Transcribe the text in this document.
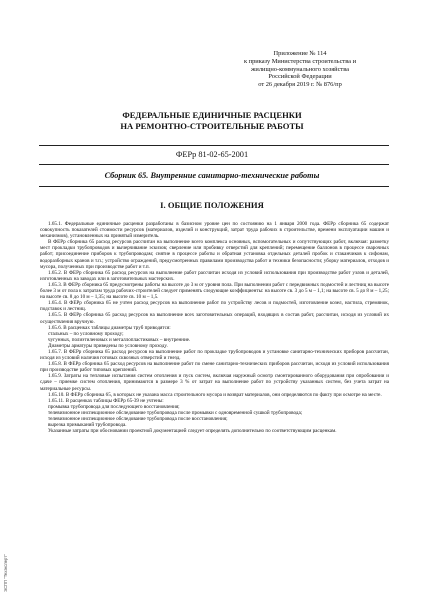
Приложение № 114
к приказу Министерства строительства и
жилищно-коммунального хозяйства
Российской Федерации
от 26 декабря 2019 г. № 876/пр
ФЕДЕРАЛЬНЫЕ ЕДИНИЧНЫЕ РАСЦЕНКИ
НА РЕМОНТНО-СТРОИТЕЛЬНЫЕ РАБОТЫ
ФЕРр 81-02-65-2001
Сборник 65. Внутренние санитарно-технические работы
I. ОБЩИЕ ПОЛОЖЕНИЯ

1.65.1. Федеральные единичные расценки разработаны в базисном уровне цен по состоянию на 1 января 2000 года. ФЕРр сборника 65 содержат совокупность показателей стоимости ресурсов (материалов, изделий и конструкций, затрат труда рабочих в строительстве, времени эксплуатации машин и механизмов), установленных на принятый измеритель.

В ФЕРр сборника 65 расход ресурсов рассчитан на выполнение всего комплекса основных, вспомогательных и сопутствующих работ, включая: разметку мест прокладки трубопроводов и вычерчивание эскизов; сверление или пробивку отверстий для креплений; перемещение баллонов в процессе сварочных работ; присоединение приборов к трубопроводам; снятие в процессе работы и обратная установка отдельных деталей пробок и стаканчиков к сифонам, водоразборных кранов и т.п.; устройство ограждений, предусмотренных правилами производства работ и техники безопасности; уборку материалов, отходов и мусора, полученных при производстве работ и т.п.

1.65.2. В ФЕРр сборника 65 расход ресурсов на выполнение работ рассчитан исходя из условий использования при производстве работ узлов и деталей, изготовленных на заводах или в заготовительных мастерских.

1.65.3. В ФЕРр сборника 65 предусмотрены работы на высоте до 3 м от уровня пола. При выполнении работ с передвижных подмостей и лестниц на высоте более 3 м от пола к затратам труда рабочих-строителей следует применять следующие коэффициенты: на высоте св. 3 до 5 м – 1,1; на высоте св. 5 до 8 м – 1,25; на высоте св. 8 до 10 м – 1,35; на высоте св. 10 м – 1,5.

1.65.4. В ФЕРр сборника 65 не учтен расход ресурсов на выполнение работ по устройству лесов и подмостей, изготовление козел, настила, стремянок, подставок и лестниц.

1.65.5. В ФЕРр сборника 65 расход ресурсов на выполнение всех заготовительных операций, входящих в состав работ, рассчитан, исходя из условий их осуществления вручную.

1.65.6. В расценках таблицы диаметры труб приводятся:

стальных – по условному проходу;

чугунных, полиэтиленовых и металлопластиковых – внутренние.

Диаметры арматуры приведены по условному проходу.

1.65.7. В ФЕРр сборника 65 расход ресурсов на выполнение работ по прокладке трубопроводов и установке санитарно-технических приборов рассчитан, исходя из условий наличия готовых сквозных отверстий и гнезд.

1.65.8. В ФЕРр сборника 65 расход ресурсов на выполнение работ по смене санитарно-технических приборов рассчитан, исходя из условий использования при производстве работ типовых креплений.

1.65.9. Затраты на тепловые испытания систем отопления и пуск систем, включая наружный осмотр смонтированного оборудования при опробовании и сдаче – приемке систем отопления, принимаются в размере 3 % от затрат на выполнение работ по устройству указанных систем, без учета затрат на материальные ресурсы.

1.65.10. В ФЕРр сборника 65, в которых не указана масса строительного мусора и возврат материалов, они определяются по факту при осмотре на месте.

1.65.11. В расценках таблицы ФЕРр 65-39 не учтены:

промывка трубопровода для последующего восстановления;

телевизионное инспекционное обследование трубопровода после промывки с одновременной сушкой трубопровода;

телевизионное инспекционное обследование трубопровода после восстановления;

вырезка примыканий трубопровода.

Указанные затраты при обосновании проектной документацией следует определять дополнительно по соответствующим расценкам.

ЭСПП "Техэксперт"
